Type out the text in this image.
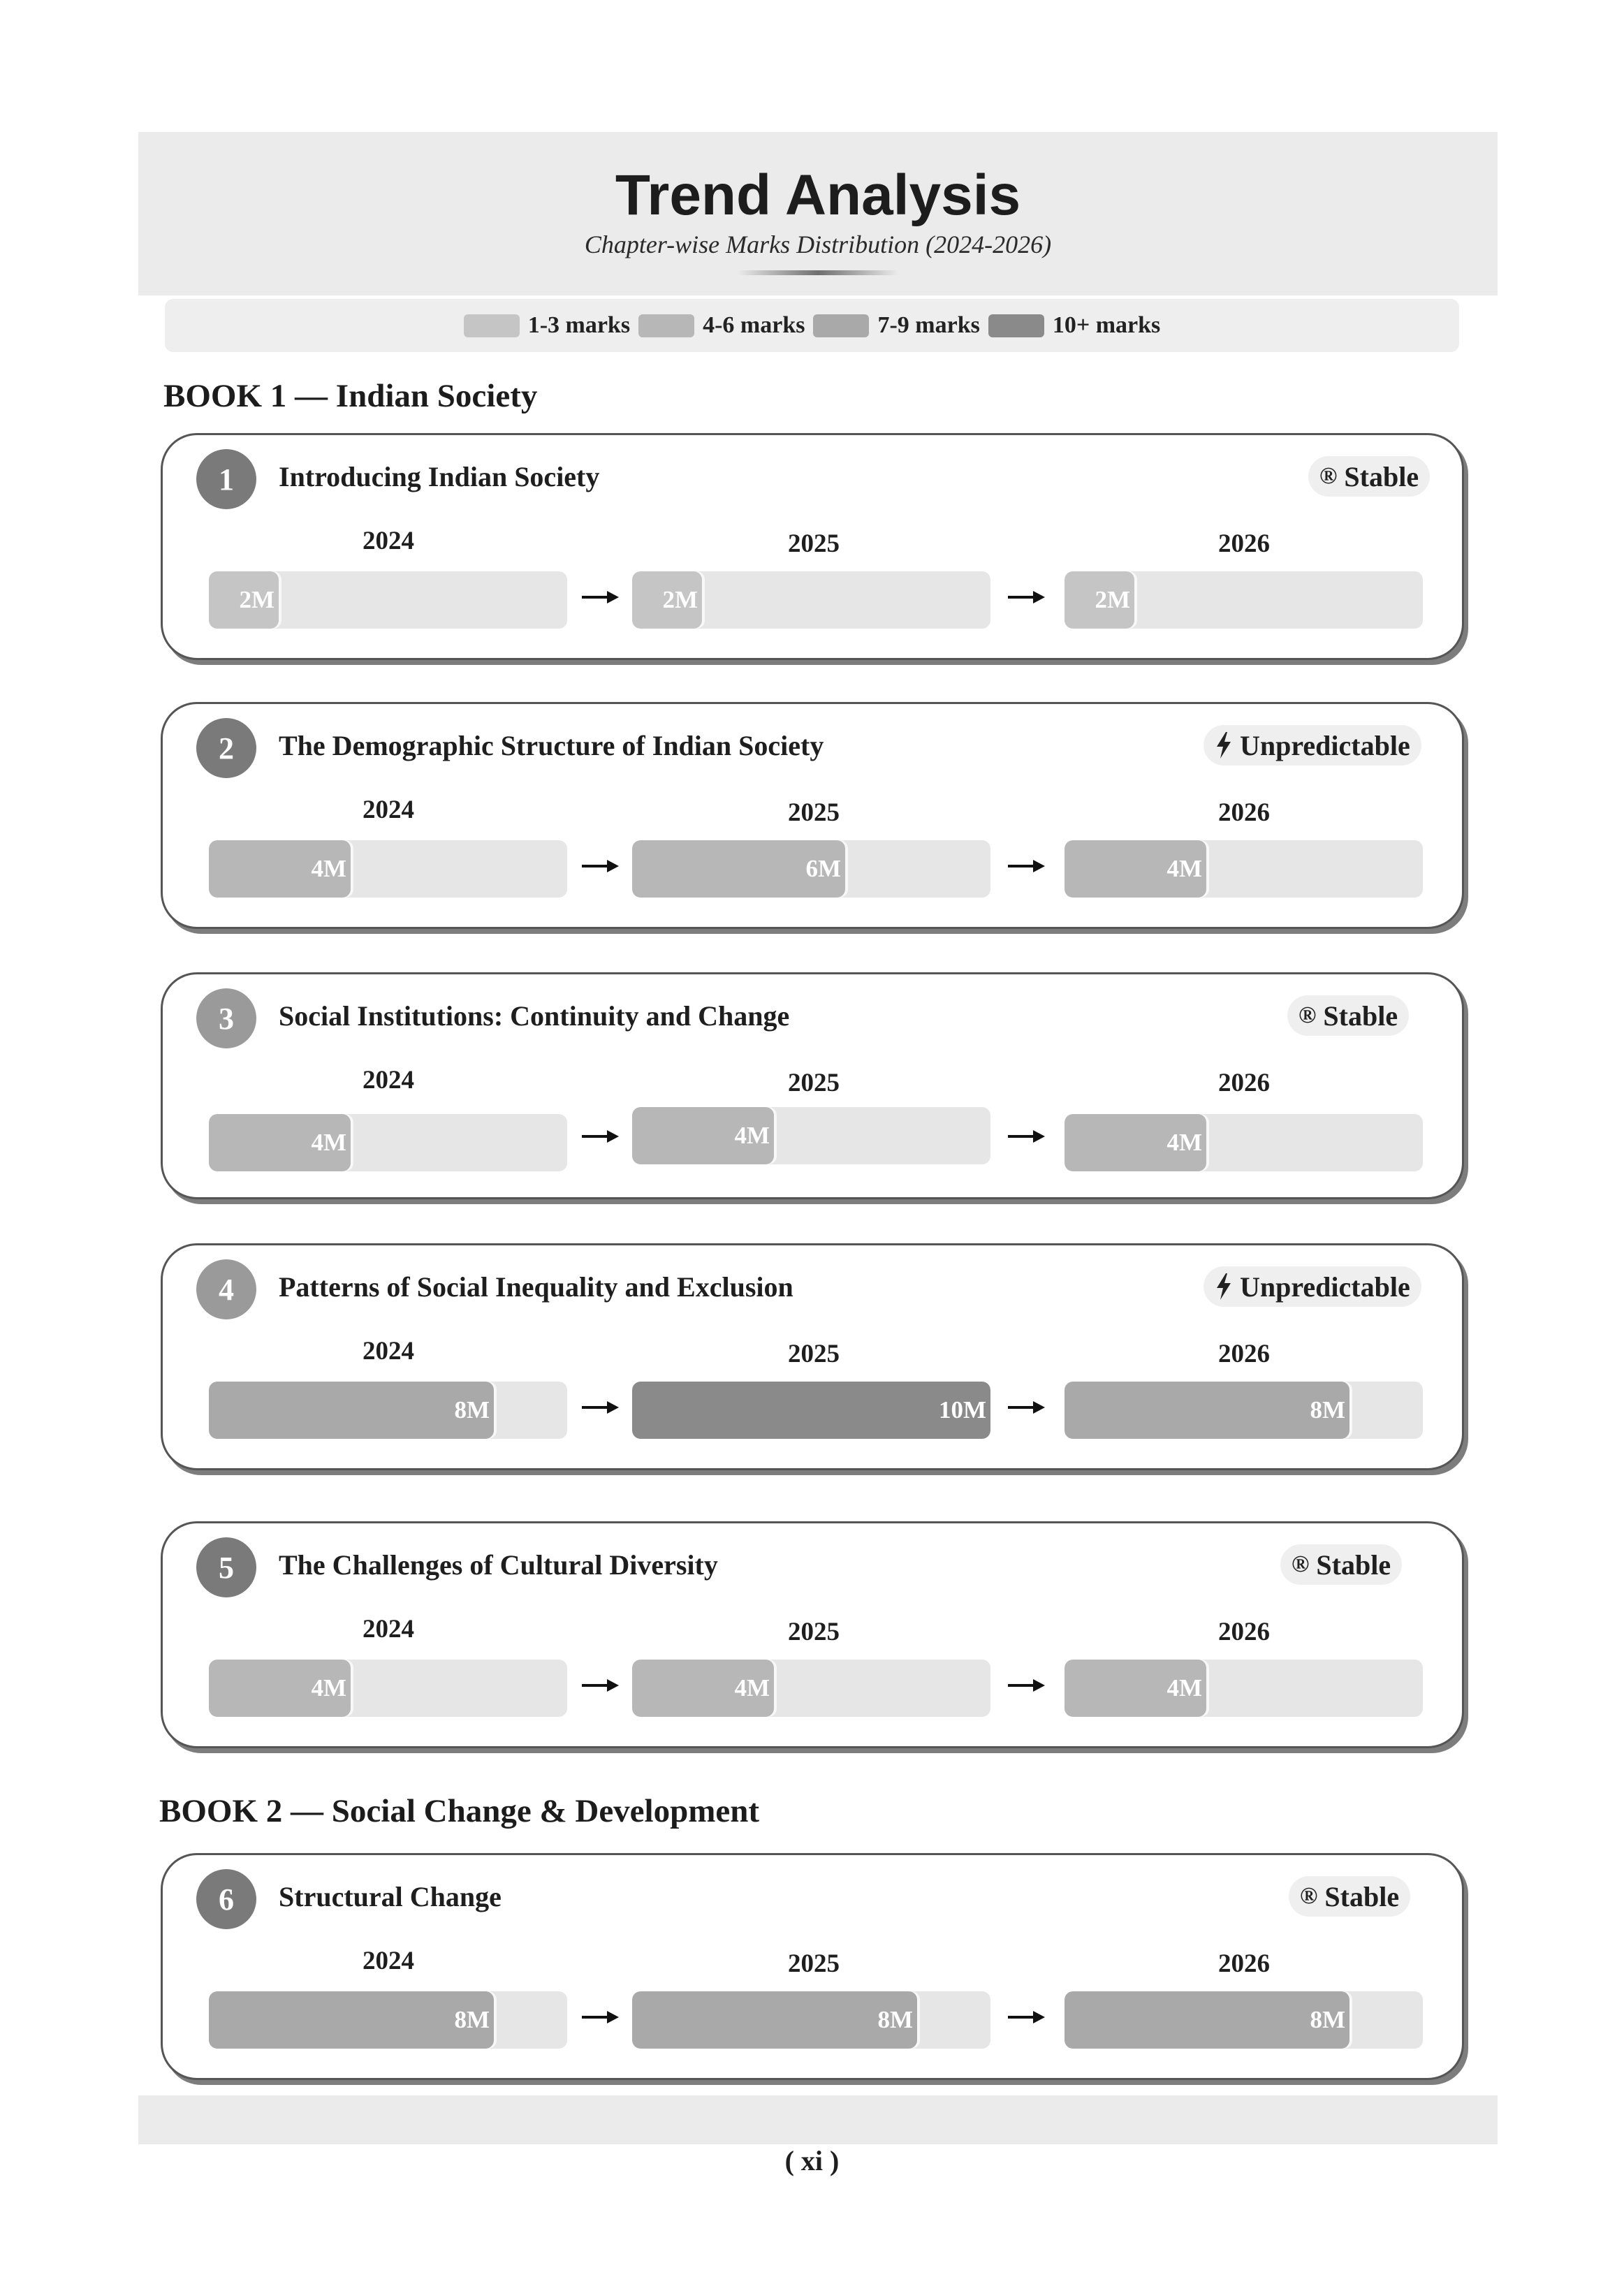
Trend Analysis
Chapter-wise Marks Distribution (2024-2026)
1-3 marks	4-6 marks	7-9 marks	10+ marks
BOOK 1 — Indian Society
BOOK 2 — Social Change & Development
1	Introducing Indian Society	® Stable
2024
2M
2025
2M
2026
2M
2	The Demographic Structure of Indian Society	Unpredictable
2024
4M
2025
6M
2026
4M
3	Social Institutions: Continuity and Change	® Stable
2024
4M
2025
4M
2026
4M
4	Patterns of Social Inequality and Exclusion	Unpredictable
2024
8M
2025
10M
2026
8M
5	The Challenges of Cultural Diversity	® Stable
2024
4M
2025
4M
2026
4M
6	Structural Change	® Stable
2024
8M
2025
8M
2026
8M
( xi )
